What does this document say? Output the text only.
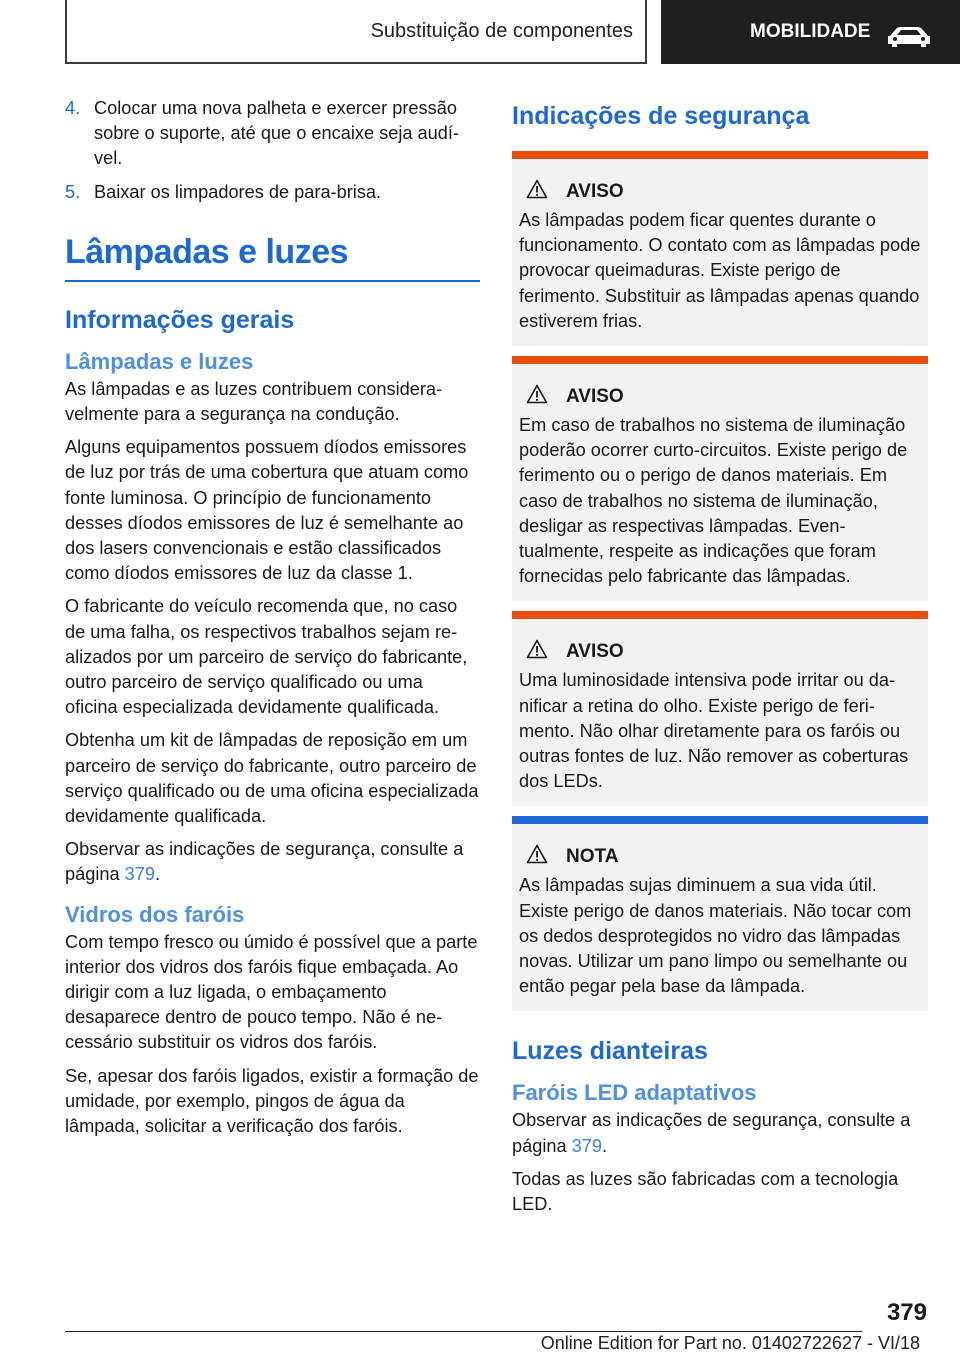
Substituição de componentes	MOBILIDADE
4. Colocar uma nova palheta e exercer pressão sobre o suporte, até que o encaixe seja audível.
5. Baixar os limpadores de para-brisa.
Lâmpadas e luzes
Informações gerais
Lâmpadas e luzes

As lâmpadas e as luzes contribuem consideravelmente para a segurança na condução.

Alguns equipamentos possuem díodos emissores de luz por trás de uma cobertura que atuam como fonte luminosa. O princípio de funcionamento desses díodos emissores de luz é semelhante ao dos lasers convencionais e estão classificados como díodos emissores de luz da classe 1.

O fabricante do veículo recomenda que, no caso de uma falha, os respectivos trabalhos sejam realizados por um parceiro de serviço do fabricante, outro parceiro de serviço qualificado ou uma oficina especializada devidamente qualificada.

Obtenha um kit de lâmpadas de reposição em um parceiro de serviço do fabricante, outro parceiro de serviço qualificado ou de uma oficina especializada devidamente qualificada.

Observar as indicações de segurança, consulte a página 379.

Vidros dos faróis

Com tempo fresco ou úmido é possível que a parte interior dos vidros dos faróis fique embaçada. Ao dirigir com a luz ligada, o embaçamento desaparece dentro de pouco tempo. Não é necessário substituir os vidros dos faróis.

Se, apesar dos faróis ligados, existir a formação de umidade, por exemplo, pingos de água da lâmpada, solicitar a verificação dos faróis.

Indicações de segurança
AVISO

As lâmpadas podem ficar quentes durante o funcionamento. O contato com as lâmpadas pode provocar queimaduras. Existe perigo de ferimento. Substituir as lâmpadas apenas quando estiverem frias.

AVISO

Em caso de trabalhos no sistema de iluminação poderão ocorrer curto-circuitos. Existe perigo de ferimento ou o perigo de danos materiais. Em caso de trabalhos no sistema de iluminação, desligar as respectivas lâmpadas. Eventualmente, respeite as indicações que foram fornecidas pelo fabricante das lâmpadas.

AVISO

Uma luminosidade intensiva pode irritar ou danificar a retina do olho. Existe perigo de ferimento. Não olhar diretamente para os faróis ou outras fontes de luz. Não remover as coberturas dos LEDs.

NOTA

As lâmpadas sujas diminuem a sua vida útil. Existe perigo de danos materiais. Não tocar com os dedos desprotegidos no vidro das lâmpadas novas. Utilizar um pano limpo ou semelhante ou então pegar pela base da lâmpada.

Luzes dianteiras
Faróis LED adaptativos

Observar as indicações de segurança, consulte a página 379.

Todas as luzes são fabricadas com a tecnologia LED.

379
Online Edition for Part no. 01402722627 - VI/18
